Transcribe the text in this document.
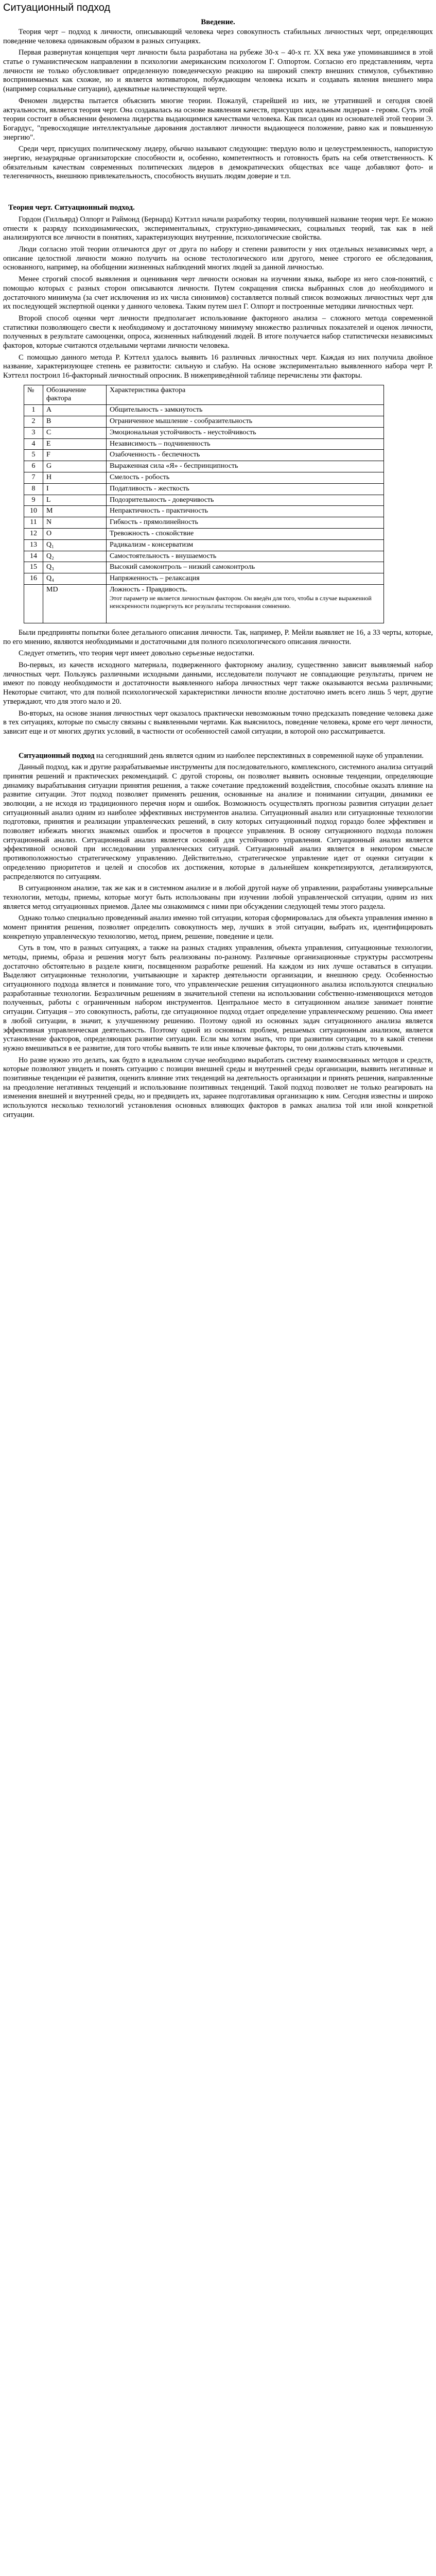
Ситуационный подход
Введение.

Теория черт – подход к личности, описывающий человека через совокупность стабильных личностных черт, определяющих поведение человека одинаковым образом в разных ситуациях.

Первая развернутая концепция черт личности была разработана на рубеже 30-х – 40-х гг. XX века уже упоминавшимся в этой статье о гуманистическом направлении в психологии американским психологом Г. Олпортом. Согласно его представлениям, черта личности не только обусловливает определенную поведенческую реакцию на широкий спектр внешних стимулов, субъективно воспринимаемых как схожие, но и является мотиватором, побуждающим человека искать и создавать явления внешнего мира (например социальные ситуации), адекватные наличествующей черте.

Феномен лидерства пытается объяснить многие теории. Пожалуй, старейшей из них, не утратившей и сегодня своей актуальности, является теория черт. Она создавалась на основе выявления качеств, присущих идеальным лидерам - героям. Суть этой теории состоит в объяснении феномена лидерства выдающимися качествами человека. Как писал один из основателей этой теории Э. Богардус, "превосходящие интеллектуальные дарования доставляют личности выдающееся положение, равно как и повышенную энергию".

Среди черт, присущих политическому лидеру, обычно называют следующие: твердую волю и целеустремленность, напористую энергию, незаурядные организаторские способности и, особенно, компетентность и готовность брать на себя ответственность. К обязательным качествам современных политических лидеров в демократических обществах все чаще добавляют фото- и телегеничность, внешнюю привлекательность, способность внушать людям доверие и т.п.

Теория черт. Ситуационный подход.

Гордон (Гилльярд) Олпорт и Раймонд (Бернард) Кэттэлл начали разработку теории, получившей название теория черт. Ее можно отнести к разряду психодинамических, экспериментальных, структурно-динамических, социальных теорий, так как в ней анализируются все личности в понятиях, характеризующих внутренние, психологические свойства.

Люди согласно этой теории отличаются друг от друга по набору и степени развитости у них отдельных независимых черт, а описание целостной личности можно получить на основе тестологического или другого, менее строгого ее обследования, основанного, например, на обобщении жизненных наблюдений многих людей за данной личностью.

Менее строгий способ выявления и оценивания черт личности основан на изучении языка, выборе из него слов-понятий, с помощью которых с разных сторон описываются личности. Путем сокращения списка выбранных слов до необходимого и достаточного минимума (за счет исключения из их числа синонимов) составляется полный список возможных личностных черт для их последующей экспертной оценки у данного человека. Таким путем шел Г. Олпорт и построенные методики личностных черт.

Второй способ оценки черт личности предполагает использование факторного анализа – сложного метода современной статистики позволяющего свести к необходимому и достаточному минимуму множество различных показателей и оценок личности, полученных в результате самооценки, опроса, жизненных наблюдений людей. В итоге получается набор статистически независимых факторов, которые считаются отдельными чертами личности человека.

С помощью данного метода Р. Кэттелл удалось выявить 16 различных личностных черт. Каждая из них получила двойное название, характеризующее степень ее развитости: сильную и слабую. На основе экспериментально выявленного набора черт Р. Кэттелл построил 16-факторный личностный опросник. В нижеприведённой таблице перечислены эти факторы.

№	Обозначение фактора	Характеристика фактора
1	А	Общительность - замкнутость
2	B	Ограниченное мышление - сообразительность
3	C	Эмоциональная устойчивость - неустойчивость
4	E	Независимость – подчиненность
5	F	Озабоченность - беспечность
6	G	Выраженная сила «Я» - беспринципность
7	H	Смелость - робость
8	I	Податливость - жесткость
9	L	Подозрительность - доверчивость
10	M	Непрактичность - практичность
11	N	Гибкость - прямолинейность
12	O	Тревожность - спокойствие
13	Q₁	Радикализм - консерватизм
14	Q₂	Самостоятельность - внушаемость
15	Q₃	Высокий самоконтроль – низкий самоконтроль
16	Q₄	Напряженность – релаксация
	MD	Ложность - Правдивость.
Этот параметр не является личностным фактором. Он введён для того, чтобы в случае выраженной неискренности подвергнуть все результаты тестирования сомнению.

Были предприняты попытки более детального описания личности. Так, например, Р. Мейли выявляет не 16, а 33 черты, которые, по его мнению, являются необходимыми и достаточными для полного психологического описания личности.

Следует отметить, что теория черт имеет довольно серьезные недостатки.

Во-первых, из качеств исходного материала, подверженного факторному анализу, существенно зависит выявляемый набор личностных черт. Пользуясь различными исходными данными, исследователи получают не совпадающие результаты, причем не имеют по поводу необходимости и достаточности выявленного набора личностных черт также оказываются весьма различными; Некоторые считают, что для полной психологической характеристики личности вполне достаточно иметь всего лишь 5 черт, другие утверждают, что для этого мало и 20.

Во-вторых, на основе знания личностных черт оказалось практически невозможным точно предсказать поведение человека даже в тех ситуациях, которые по смыслу связаны с выявленными чертами. Как выяснилось, поведение человека, кроме его черт личности, зависит еще и от многих других условий, в частности от особенностей самой ситуации, в которой оно рассматривается.

Ситуационный подход на сегодняшний день является одним из наиболее перспективных в современной науке об управлении.

Данный подход, как и другие разрабатываемые инструменты для последовательного, комплексного, системного анализа ситуаций принятия решений и практических рекомендаций. С другой стороны, он позволяет выявить основные тенденции, определяющие динамику вырабатывания ситуации принятия решения, а также сочетание предложений воздействия, способные оказать влияние на развитие ситуации. Этот подход позволяет применять решения, основанные на анализе и понимании ситуации, динамики ее эволюции, а не исходя из традиционного перечня норм и ошибок. Возможность осуществлять прогнозы развития ситуации делает ситуационный анализ одним из наиболее эффективных инструментов анализа. Ситуационный анализ или ситуационные технологии подготовки, принятия и реализации управленческих решений, в силу которых ситуационный подход гораздо более эффективен и позволяет избежать многих знакомых ошибок и просчетов в процессе управления. В основу ситуационного подхода положен ситуационный анализ. Ситуационный анализ является основой для устойчивого управления. Ситуационный анализ является эффективной основой при исследовании управленческих ситуаций. Ситуационный анализ является в некотором смысле противоположностью стратегическому управлению. Действительно, стратегическое управление идет от оценки ситуации к определению приоритетов и целей и способов их достижения, которые в дальнейшем конкретизируются, детализируются, распределяются по ситуациям.

В ситуационном анализе, так же как и в системном анализе и в любой другой науке об управлении, разработаны универсальные технологии, методы, приемы, которые могут быть использованы при изучении любой управленческой ситуации, одним из них является метод ситуационных приемов. Далее мы ознакомимся с ними при обсуждении следующей темы этого раздела.

Однако только специально проведенный анализ именно той ситуации, которая сформировалась для объекта управления именно в момент принятия решения, позволяет определить совокупность мер, лучших в этой ситуации, выбрать их, идентифицировать конкретную управленческую технологию, метод, прием, решение, поведение и цели.

Суть в том, что в разных ситуациях, а также на разных стадиях управления, объекта управления, ситуационные технологии, методы, приемы, образа и решения могут быть реализованы по-разному. Различные организационные структуры рассмотрены достаточно обстоятельно в разделе книги, посвященном разработке решений. На каждом из них лучше оставаться в ситуации. Выделяют ситуационные технологии, учитывающие и характер деятельности организации, и внешнюю среду. Особенностью ситуационного подхода является и понимание того, что управленческие решения ситуационного анализа используются специально разработанные технологии. Безразличным решениям в значительной степени на использовании собственно-изменяющихся методов полученных, работы с ограниченным набором инструментов. Центральное место в ситуационном анализе занимает понятие ситуации. Ситуация – это совокупность, работы, где ситуационное подход отдает определение управленческому решению. Она имеет в любой ситуации, в значит, к улучшенному решению. Поэтому одной из основных задач ситуационного анализа является эффективная управленческая деятельность. Поэтому одной из основных проблем, решаемых ситуационным анализом, является установление факторов, определяющих развитие ситуации. Если мы хотим знать, что при развитии ситуации, то в какой степени нужно вмешиваться в ее развитие, для того чтобы выявить те или иные ключевые факторы, то они должны стать ключевыми.

Но разве нужно это делать, как будто в идеальном случае необходимо выработать систему взаимосвязанных методов и средств, которые позволяют увидеть и понять ситуацию с позиции внешней среды и внутренней среды организации, выявить негативные и позитивные тенденции её развития, оценить влияние этих тенденций на деятельность организации и принять решения, направленные на преодоление негативных тенденций и использование позитивных тенденций. Такой подход позволяет не только реагировать на изменения внешней и внутренней среды, но и предвидеть их, заранее подготавливая организацию к ним. Сегодня известны и широко используются несколько технологий установления основных влияющих факторов в рамках анализа той или иной конкретной ситуации.
